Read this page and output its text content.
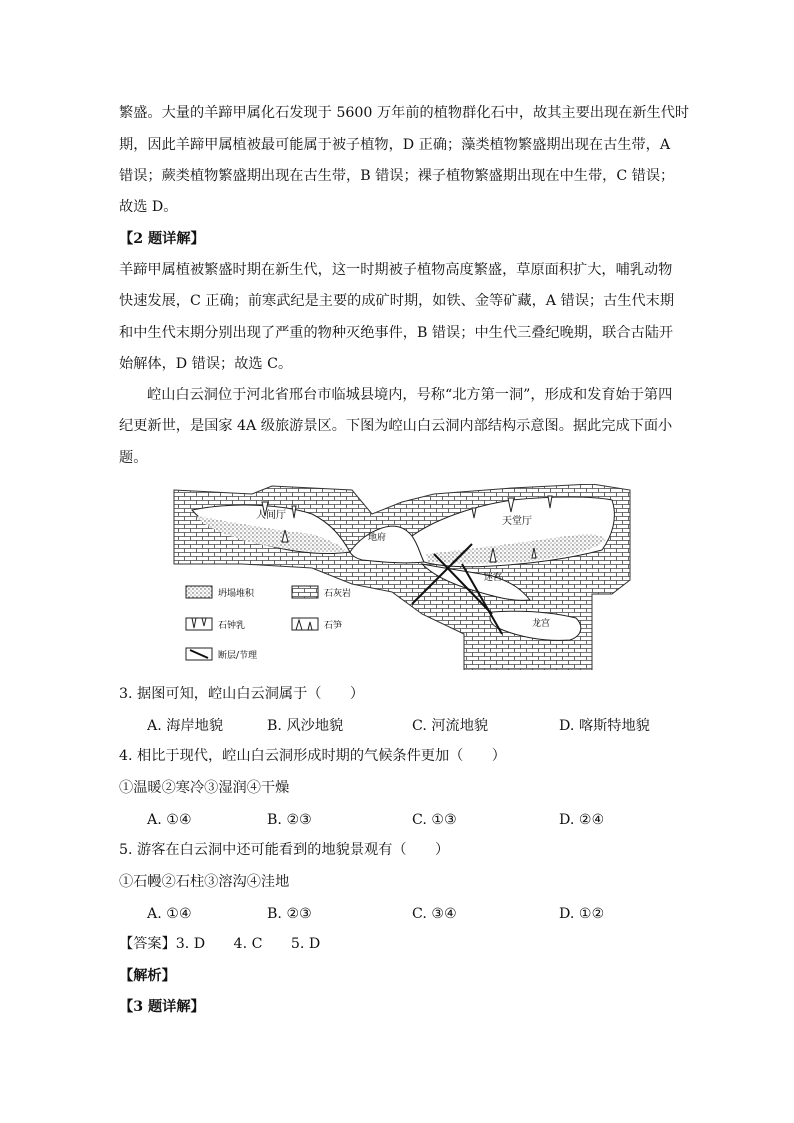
繁盛。大量的羊蹄甲属化石发现于 5600 万年前的植物群化石中，故其主要出现在新生代时
期，因此羊蹄甲属植被最可能属于被子植物，D 正确；藻类植物繁盛期出现在古生带，A
错误；蕨类植物繁盛期出现在古生带，B 错误；裸子植物繁盛期出现在中生带，C 错误；
故选 D。
【2 题详解】
羊蹄甲属植被繁盛时期在新生代，这一时期被子植物高度繁盛，草原面积扩大，哺乳动物
快速发展，C 正确；前寒武纪是主要的成矿时期，如铁、金等矿藏，A 错误；古生代末期
和中生代末期分别出现了严重的物种灭绝事件，B 错误；中生代三叠纪晚期，联合古陆开
始解体，D 错误；故选 C。
崆山白云洞位于河北省邢台市临城县境内，号称“北方第一洞”，形成和发育始于第四
纪更新世，是国家 4A 级旅游景区。下图为崆山白云洞内部结构示意图。据此完成下面小
题。
人间厅
天堂厅
地府
迷宫
龙宫
坍塌堆积	石灰岩
石钟乳	石笋
断层/节理
3. 据图可知，崆山白云洞属于（　　）
A. 海岸地貌	B. 风沙地貌	C. 河流地貌	D. 喀斯特地貌
4. 相比于现代，崆山白云洞形成时期的气候条件更加（　　）
①温暖②寒冷③湿润④干燥
A. ①④	B. ②③	C. ①③	D. ②④
5. 游客在白云洞中还可能看到的地貌景观有（　　）
①石幔②石柱③溶沟④洼地
A. ①④	B. ②③	C. ③④	D. ①②
【答案】3. D　　4. C　　5. D
【解析】
【3 题详解】
